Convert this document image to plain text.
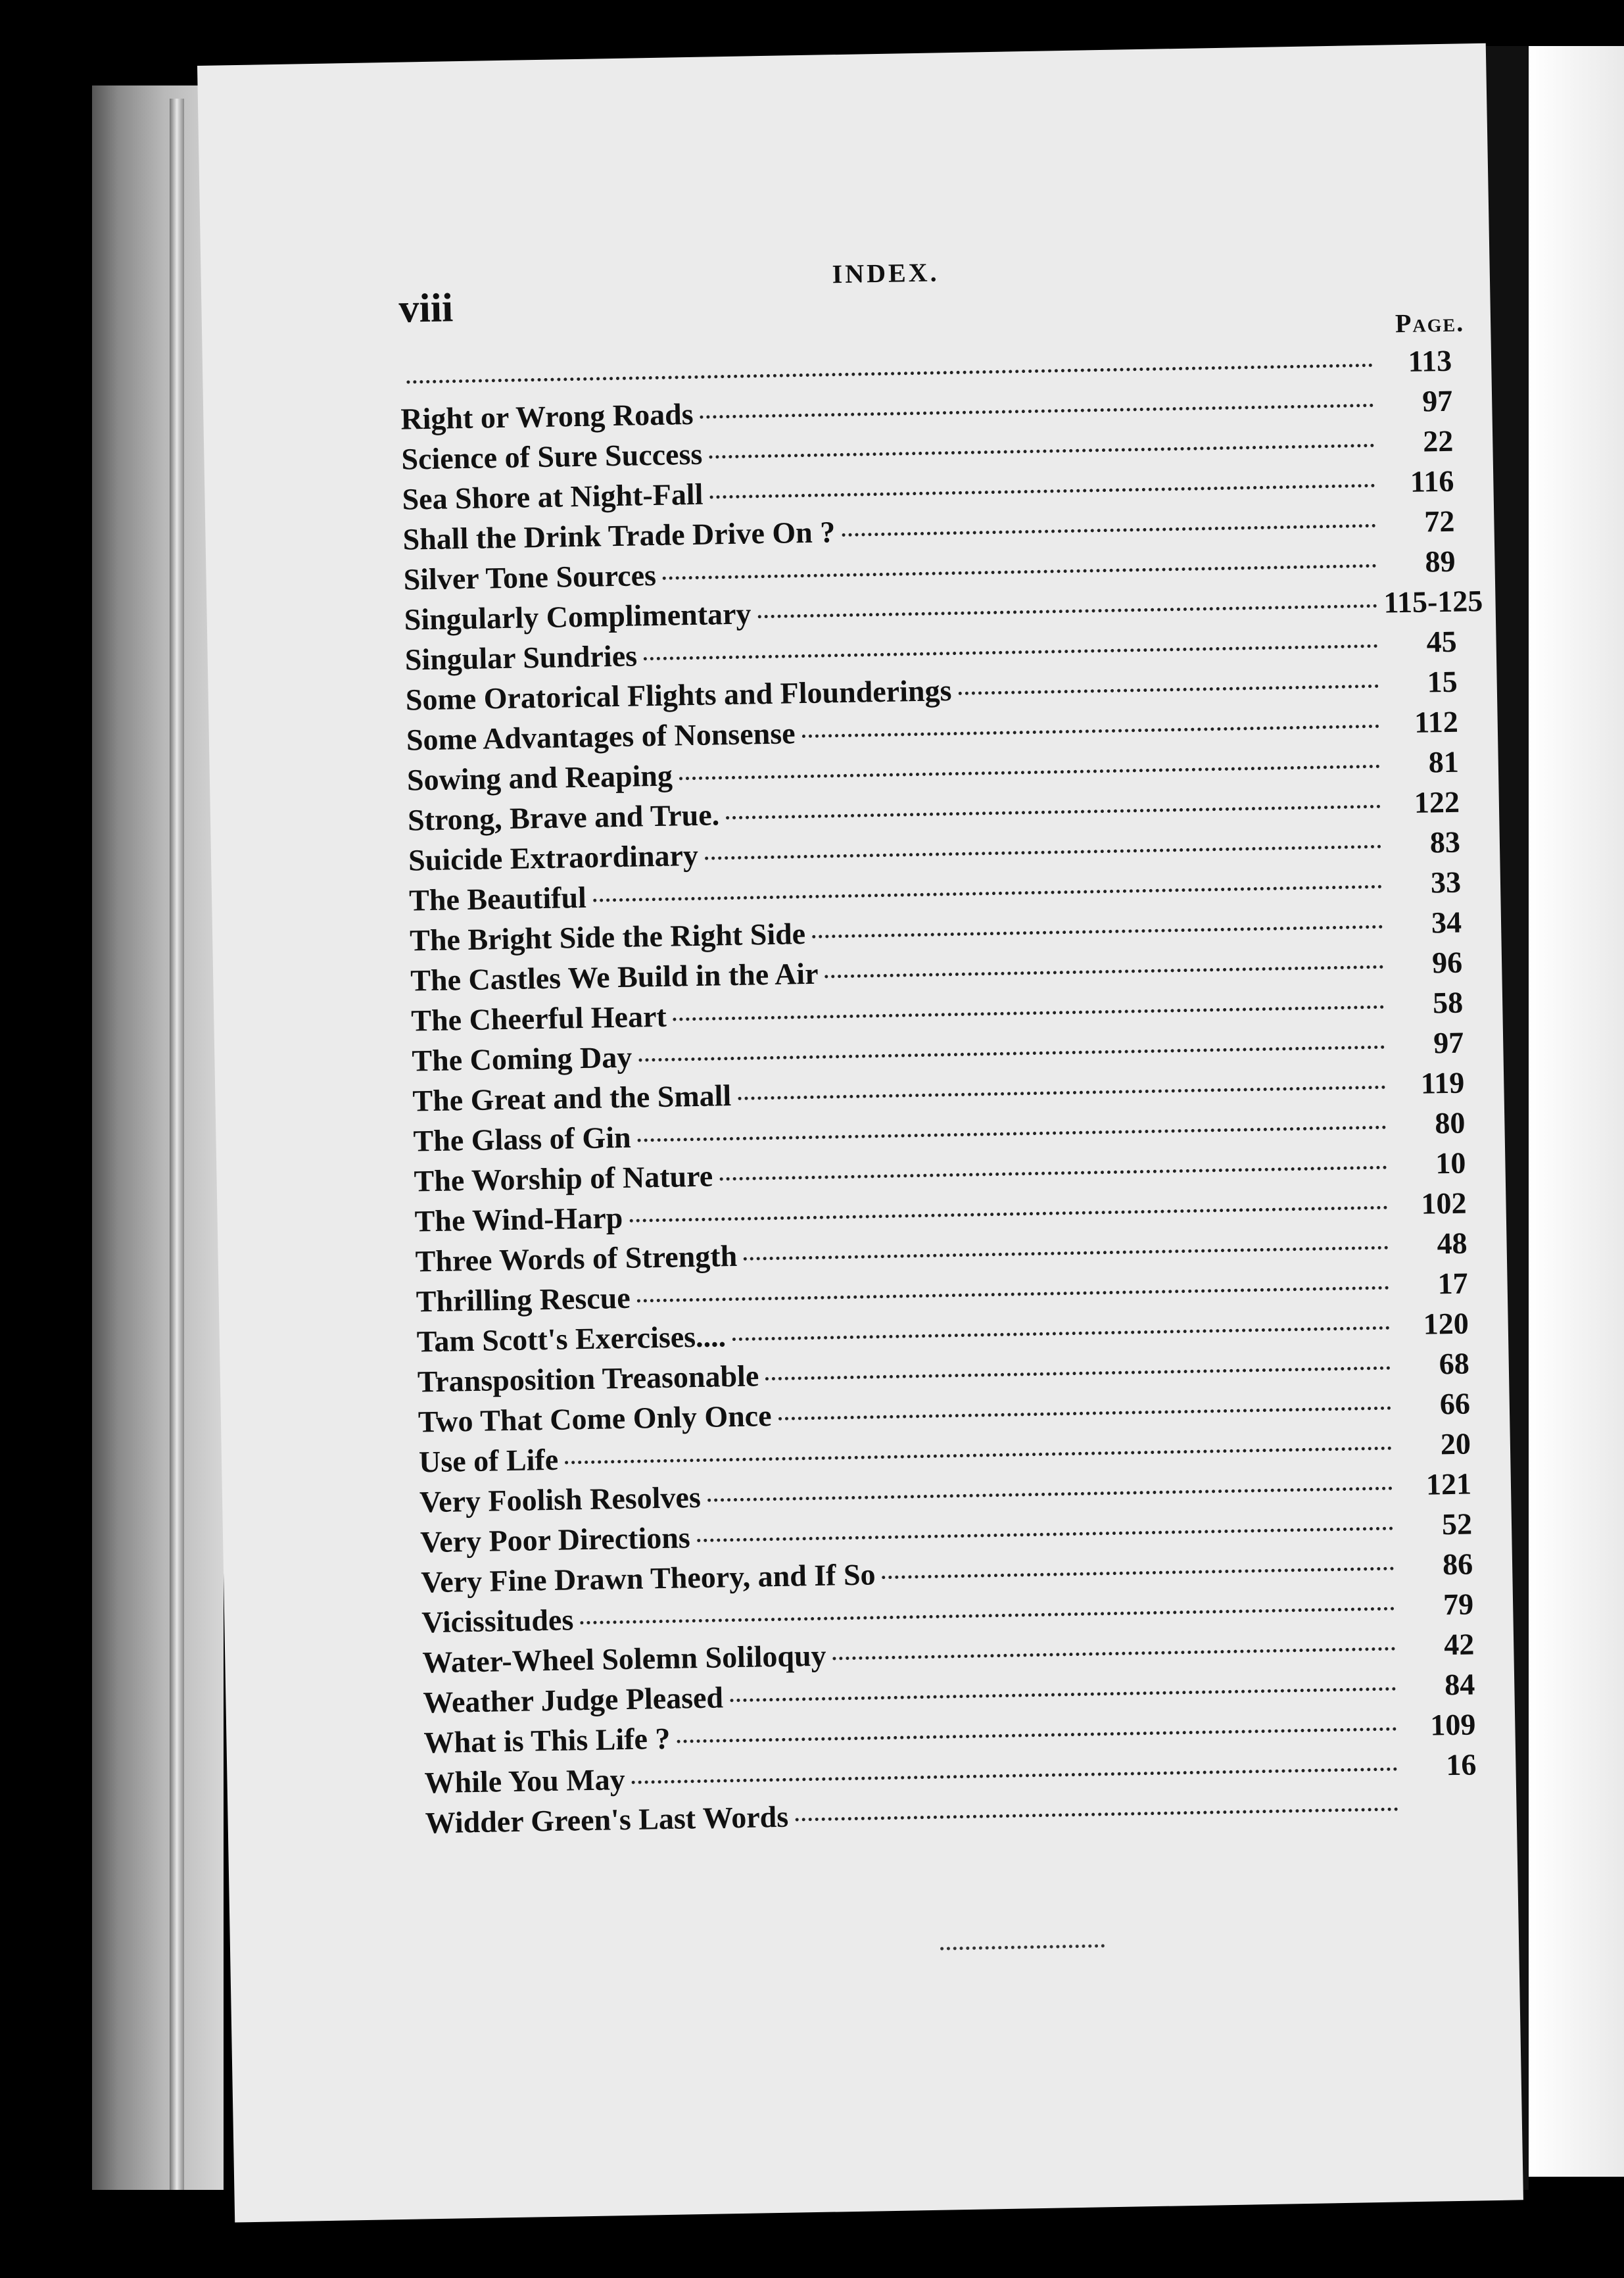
viii
INDEX.
Page.
113
Right or Wrong Roads	97
Science of Sure Success	22
Sea Shore at Night-Fall	116
Shall the Drink Trade Drive On ?	72
Silver Tone Sources	89
Singularly Complimentary	115-125
Singular Sundries	45
Some Oratorical Flights and Flounderings	15
Some Advantages of Nonsense	112
Sowing and Reaping	81
Strong, Brave and True.	122
Suicide Extraordinary	83
The Beautiful	33
The Bright Side the Right Side	34
The Castles We Build in the Air	96
The Cheerful Heart	58
The Coming Day	97
The Great and the Small	119
The Glass of Gin	80
The Worship of Nature	10
The Wind-Harp	102
Three Words of Strength	48
Thrilling Rescue	17
Tam Scott's Exercises....	120
Transposition Treasonable	68
Two That Come Only Once	66
Use of Life	20
Very Foolish Resolves	121
Very Poor Directions	52
Very Fine Drawn Theory, and If So	86
Vicissitudes	79
Water-Wheel Solemn Soliloquy	42
Weather Judge Pleased	84
What is This Life ?	109
While You May	16
Widder Green's Last Words
